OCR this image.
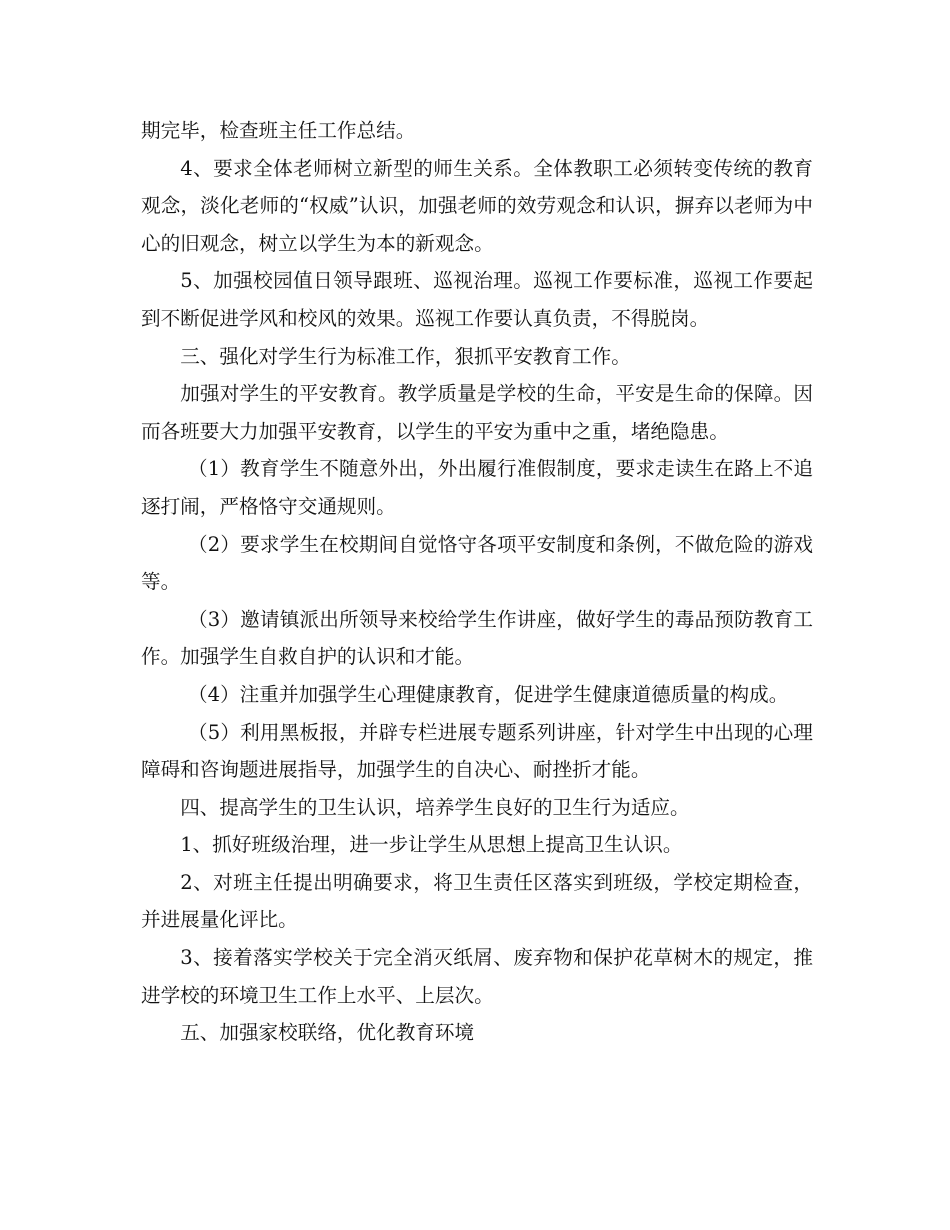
期完毕，检查班主任工作总结。

4、要求全体老师树立新型的师生关系。全体教职工必须转变传统的教育观念，淡化老师的“权威”认识，加强老师的效劳观念和认识，摒弃以老师为中心的旧观念，树立以学生为本的新观念。

5、加强校园值日领导跟班、巡视治理。巡视工作要标准，巡视工作要起到不断促进学风和校风的效果。巡视工作要认真负责，不得脱岗。

三、强化对学生行为标准工作，狠抓平安教育工作。

加强对学生的平安教育。教学质量是学校的生命，平安是生命的保障。因而各班要大力加强平安教育，以学生的平安为重中之重，堵绝隐患。

（1）教育学生不随意外出，外出履行准假制度，要求走读生在路上不追逐打闹，严格恪守交通规则。

（2）要求学生在校期间自觉恪守各项平安制度和条例，不做危险的游戏等。

（3）邀请镇派出所领导来校给学生作讲座，做好学生的毒品预防教育工作。加强学生自救自护的认识和才能。

（4）注重并加强学生心理健康教育，促进学生健康道德质量的构成。

（5）利用黑板报，并辟专栏进展专题系列讲座，针对学生中出现的心理障碍和咨询题进展指导，加强学生的自决心、耐挫折才能。

四、提高学生的卫生认识，培养学生良好的卫生行为适应。

1、抓好班级治理，进一步让学生从思想上提高卫生认识。

2、对班主任提出明确要求，将卫生责任区落实到班级，学校定期检查，并进展量化评比。

3、接着落实学校关于完全消灭纸屑、废弃物和保护花草树木的规定，推进学校的环境卫生工作上水平、上层次。

五、加强家校联络，优化教育环境
